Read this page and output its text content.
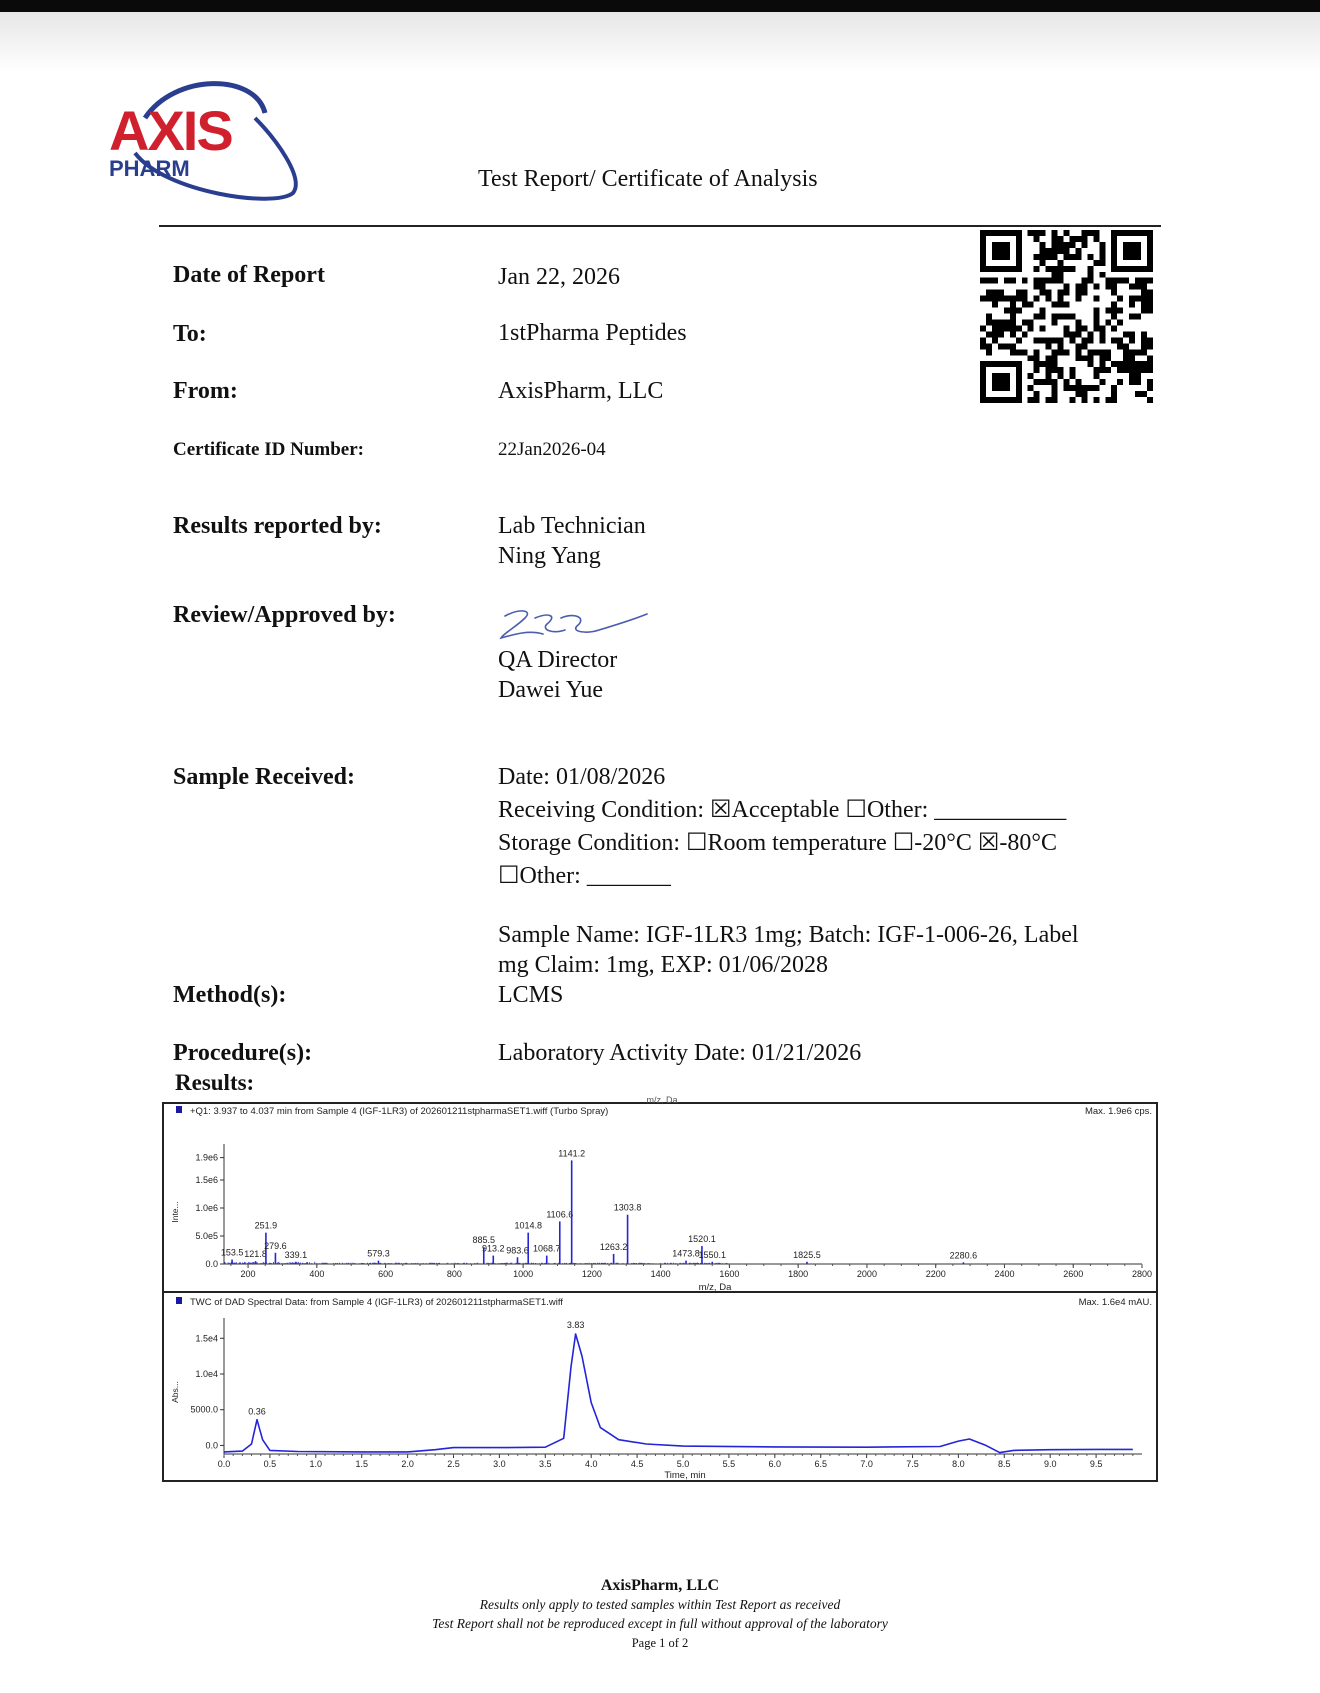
AXIS
PHARM	Test Report/ Certificate of Analysis
Date of Report	Jan 22, 2026
To:	1stPharma Peptides
From:	AxisPharm, LLC
Certificate ID Number:	22Jan2026-04
Results reported by:	Lab Technician
Ning Yang
Review/Approved by:
QA Director
Dawei Yue
Sample Received:	Date: 01/08/2026
Receiving Condition: ☒Acceptable ☐Other: ___________
Storage Condition: ☐Room temperature ☐-20°C ☒-80°C
☐Other: _______
Sample Name: IGF-1LR3 1mg; Batch: IGF-1-006-26, Label
mg Claim: 1mg, EXP: 01/06/2028
Method(s):	LCMS
Procedure(s):	Laboratory Activity Date: 01/21/2026
Results:
m/z, Da
+Q1: 3.937 to 4.037 min from Sample 4 (IGF-1LR3) of 202601211stpharmaSET1.wiff (Turbo Spray)	Max. 1.9e6 cps.
Inte...
m/z, Da
200	400	600	800	1000	1200	1400	1600	1800	2000	2200	2400	2600	2800
0.0
5.0e5
1.0e6
1.5e6
1.9e6
153.5 121.8
251.9
279.6
339.1	579.3
885.5
913.2 983.6
1014.8
1068.7
1106.6
1141.2
1263.2
1303.8
1473.8
1520.1
1550.1	1825.5	2280.6
TWC of DAD Spectral Data: from Sample 4 (IGF-1LR3) of 202601211stpharmaSET1.wiff	Max. 1.6e4 mAU.
Abs...
Time, min
0.0	0.5	1.0	1.5	2.0	2.5	3.0	3.5	4.0	4.5	5.0	5.5	6.0	6.5	7.0	7.5	8.0	8.5	9.0	9.5
0.0
5000.0
1.0e4
1.5e4
0.36
3.83
AxisPharm, LLC
Results only apply to tested samples within Test Report as received
Test Report shall not be reproduced except in full without approval of the laboratory
Page 1 of 2
